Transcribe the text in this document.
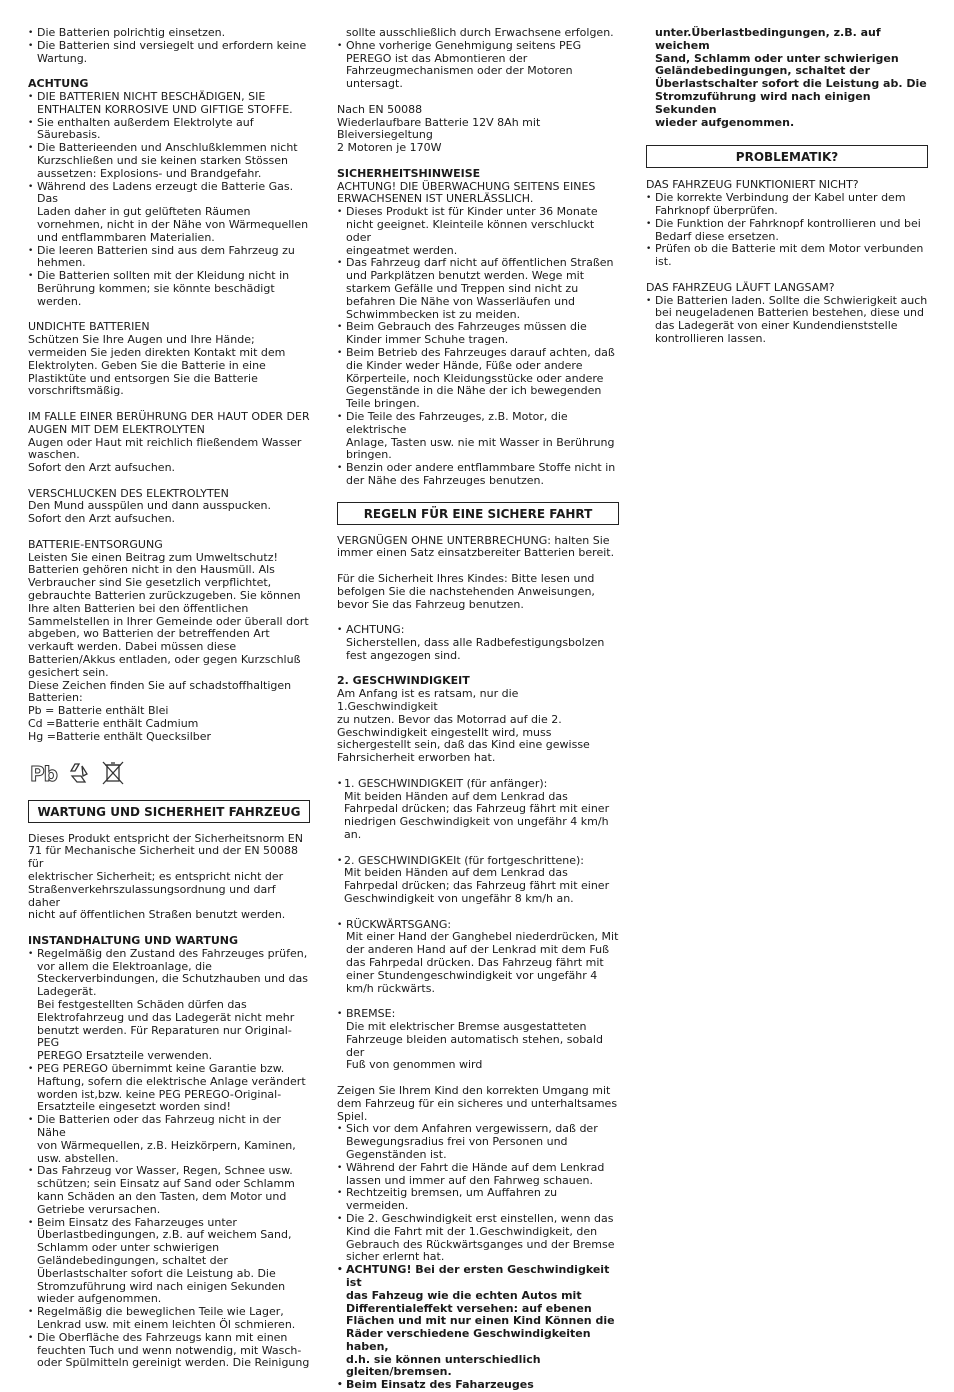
• Die Batterien polrichtig einsetzen.
• Die Batterien sind versiegelt und erfordern keine
Wartung.

ACHTUNG

• DIE BATTERIEN NICHT BESCHÄDIGEN, SIE
ENTHALTEN KORROSIVE UND GIFTIGE STOFFE.
• Sie enthalten außerdem Elektrolyte auf
Säurebasis.
• Die Batterieenden und Anschlußklemmen nicht
Kurzschließen und sie keinen starken Stössen
aussetzen: Explosions- und Brandgefahr.
• Während des Ladens erzeugt die Batterie Gas. Das
Laden daher in gut gelüfteten Räumen
vornehmen, nicht in der Nähe von Wärmequellen
und entflammbaren Materialien.
• Die leeren Batterien sind aus dem Fahrzeug zu
hehmen.
• Die Batterien sollten mit der Kleidung nicht in
Berührung kommen; sie könnte beschädigt
werden.

UNDICHTE BATTERIEN
Schützen Sie Ihre Augen und Ihre Hände;
vermeiden Sie jeden direkten Kontakt mit dem
Elektrolyten. Geben Sie die Batterie in eine
Plastiktüte und entsorgen Sie die Batterie
vorschriftsmäßig.

IM FALLE EINER BERÜHRUNG DER HAUT ODER DER
AUGEN MIT DEM ELEKTROLYTEN
Augen oder Haut mit reichlich fließendem Wasser
waschen.
Sofort den Arzt aufsuchen.

VERSCHLUCKEN DES ELEKTROLYTEN
Den Mund ausspülen und dann ausspucken.
Sofort den Arzt aufsuchen.

BATTERIE-ENTSORGUNG
Leisten Sie einen Beitrag zum Umweltschutz!
Batterien gehören nicht in den Hausmüll. Als
Verbraucher sind Sie gesetzlich verpflichtet,
gebrauchte Batterien zurückzugeben. Sie können
Ihre alten Batterien bei den öffentlichen
Sammelstellen in Ihrer Gemeinde oder überall dort
abgeben, wo Batterien der betreffenden Art
verkauft werden. Dabei müssen diese
Batterien/Akkus entladen, oder gegen Kurzschluß
gesichert sein.
Diese Zeichen finden Sie auf schadstoffhaltigen
Batterien:
Pb = Batterie enthält Blei
Cd =Batterie enthält Cadmium
Hg =Batterie enthält Quecksilber

Pb

WARTUNG UND SICHERHEIT FAHRZEUG

Dieses Produkt entspricht der Sicherheitsnorm EN
71 für Mechanische Sicherheit und der EN 50088 für
elektrischer Sicherheit; es entspricht nicht der
Straßenverkehrszulassungsordnung und darf daher
nicht auf öffentlichen Straßen benutzt werden.

INSTANDHALTUNG UND WARTUNG

• Regelmäßig den Zustand des Fahrzeuges prüfen,
vor allem die Elektroanlage, die
Steckerverbindungen, die Schutzhauben und das
Ladegerät.
Bei festgestellten Schäden dürfen das
Elektrofahrzeug und das Ladegerät nicht mehr
benutzt werden. Für Reparaturen nur Original-PEG
PEREGO Ersatzteile verwenden.
• PEG PEREGO übernimmt keine Garantie bzw.
Haftung, sofern die elektrische Anlage verändert
worden ist,bzw. keine PEG PEREGO-Original-
Ersatzteile eingesetzt worden sind!
• Die Batterien oder das Fahrzeug nicht in der Nähe
von Wärmequellen, z.B. Heizkörpern, Kaminen,
usw. abstellen.
• Das Fahrzeug vor Wasser, Regen, Schnee usw.
schützen; sein Einsatz auf Sand oder Schlamm
kann Schäden an den Tasten, dem Motor und
Getriebe verursachen.
• Beim Einsatz des Faharzeuges unter
Überlastbedingungen, z.B. auf weichem Sand,
Schlamm oder unter schwierigen
Geländebedingungen, schaltet der
Überlastschalter sofort die Leistung ab. Die
Stromzuführung wird nach einigen Sekunden
wieder aufgenommen.
• Regelmäßig die beweglichen Teile wie Lager,
Lenkrad usw. mit einem leichten Öl schmieren.
• Die Oberfläche des Fahrzeugs kann mit einen
feuchten Tuch und wenn notwendig, mit Wasch-
oder Spülmitteln gereinigt werden. Die Reinigung

sollte ausschließlich durch Erwachsene erfolgen.

• Ohne vorherige Genehmigung seitens PEG
PEREGO ist das Abmontieren der
Fahrzeugmechanismen oder der Motoren
untersagt.

Nach EN 50088
Wiederlaufbare Batterie 12V 8Ah mit
Bleiversiegeltung
2 Motoren je 170W

SICHERHEITSHINWEISE

ACHTUNG! DIE ÜBERWACHUNG SEITENS EINES
ERWACHSENEN IST UNERLÄSSLICH.

• Dieses Produkt ist für Kinder unter 36 Monate
nicht geeignet. Kleinteile können verschluckt oder
eingeatmet werden.
• Das Fahrzeug darf nicht auf öffentlichen Straßen
und Parkplätzen benutzt werden. Wege mit
starkem Gefälle und Treppen sind nicht zu
befahren Die Nähe von Wasserläufen und
Schwimmbecken ist zu meiden.
• Beim Gebrauch des Fahrzeuges müssen die
Kinder immer Schuhe tragen.
• Beim Betrieb des Fahrzeuges darauf achten, daß
die Kinder weder Hände, Füße oder andere
Körperteile, noch Kleidungsstücke oder andere
Gegenstände in die Nähe der ich bewegenden
Teile bringen.
• Die Teile des Fahrzeuges, z.B. Motor, die elektrische
Anlage, Tasten usw. nie mit Wasser in Berührung
bringen.
• Benzin oder andere entflammbare Stoffe nicht in
der Nähe des Fahrzeuges benutzen.

REGELN FÜR EINE SICHERE FAHRT

VERGNÜGEN OHNE UNTERBRECHUNG: halten Sie
immer einen Satz einsatzbereiter Batterien bereit.

Für die Sicherheit Ihres Kindes: Bitte lesen und
befolgen Sie die nachstehenden Anweisungen,
bevor Sie das Fahrzeug benutzen.

• ACHTUNG:
Sicherstellen, dass alle Radbefestigungsbolzen
fest angezogen sind.

2. GESCHWINDIGKEIT

Am Anfang ist es ratsam, nur die 1.Geschwindigkeit
zu nutzen. Bevor das Motorrad auf die 2.
Geschwindigkeit eingestellt wird, muss
sichergestellt sein, daß das Kind eine gewisse
Fahrsicherheit erworben hat.

• 1. GESCHWINDIGKEIT (für anfänger):
Mit beiden Händen auf dem Lenkrad das
Fahrpedal drücken; das Fahrzeug fährt mit einer
niedrigen Geschwindigkeit von ungefähr 4 km/h
an.
• 2. GESCHWINDIGKEIt (für fortgeschrittene):
Mit beiden Händen auf dem Lenkrad das
Fahrpedal drücken; das Fahrzeug fährt mit einer
Geschwindigkeit von ungefähr 8 km/h an.
• RÜCKWÄRTSGANG:
Mit einer Hand der Ganghebel niederdrücken, Mit
der anderen Hand auf der Lenkrad mit dem Fuß
das Fahrpedal drücken. Das Fahrzeug fährt mit
einer Stundengeschwindigkeit vor ungefähr 4
km/h rückwärts.
• BREMSE:
Die mit elektrischer Bremse ausgestatteten
Fahrzeuge bleiden automatisch stehen, sobald der
Fuß von genommen wird

Zeigen Sie Ihrem Kind den korrekten Umgang mit
dem Fahrzeug für ein sicheres und unterhaltsames
Spiel.

• Sich vor dem Anfahren vergewissern, daß der
Bewegungsradius frei von Personen und
Gegenständen ist.
• Während der Fahrt die Hände auf dem Lenkrad
lassen und immer auf den Fahrweg schauen.
• Rechtzeitig bremsen, um Auffahren zu vermeiden.
• Die 2. Geschwindigkeit erst einstellen, wenn das
Kind die Fahrt mit der 1.Geschwindigkeit, den
Gebrauch des Rückwärtsganges und der Bremse
sicher erlernt hat.
• ACHTUNG! Bei der ersten Geschwindigkeit ist
das Fahzeug wie die echten Autos mit
Differentialeffekt versehen: auf ebenen
Flächen und mit nur einen Kind Können die
Räder verschiedene Geschwindigkeiten haben,
d.h. sie können unterschiedlich
gleiten/bremsen.
• Beim Einsatz des Faharzeuges

unter.Überlastbedingungen, z.B. auf weichem
Sand, Schlamm oder unter schwierigen
Geländebedingungen, schaltet der
Überlastschalter sofort die Leistung ab. Die
Stromzuführung wird nach einigen Sekunden
wieder aufgenommen.

PROBLEMATIK?

DAS FAHRZEUG FUNKTIONIERT NICHT?

• Die korrekte Verbindung der Kabel unter dem
Fahrknopf überprüfen.
• Die Funktion der Fahrknopf kontrollieren und bei
Bedarf diese ersetzen.
• Prüfen ob die Batterie mit dem Motor verbunden
ist.

DAS FAHRZEUG LÄUFT LANGSAM?

• Die Batterien laden. Sollte die Schwierigkeit auch
bei neugeladenen Batterien bestehen, diese und
das Ladegerät von einer Kundendienststelle
kontrollieren lassen.
